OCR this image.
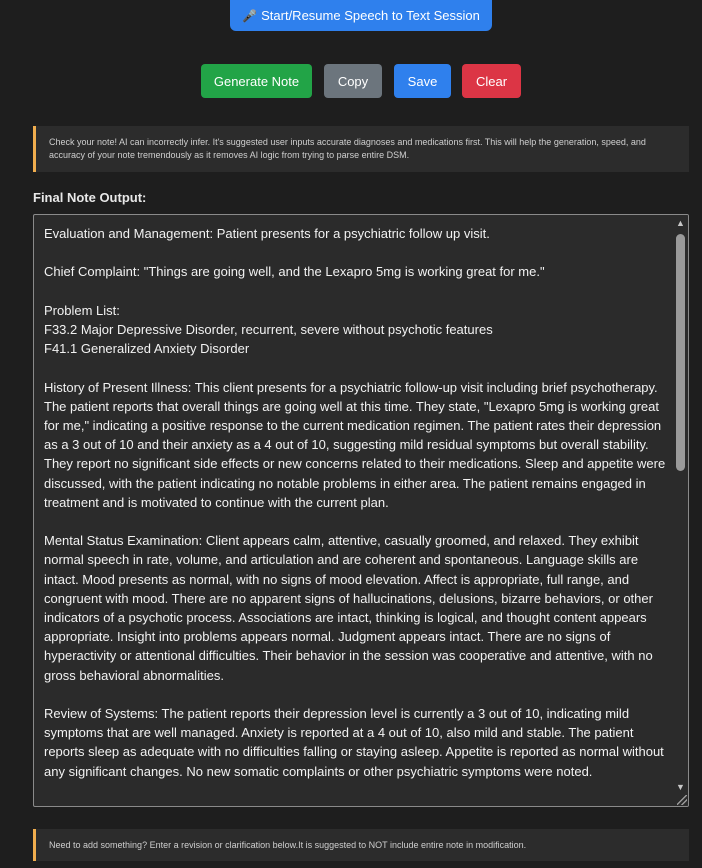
🎤 Start/Resume Speech to Text Session
Generate Note	Copy	Save	Clear
Check your note! AI can incorrectly infer. It's suggested user inputs accurate diagnoses and medications first. This will help the generation, speed, and accuracy of your note tremendously as it removes AI logic from trying to parse entire DSM.
Final Note Output:
Evaluation and Management: Patient presents for a psychiatric follow up visit.

Chief Complaint: "Things are going well, and the Lexapro 5mg is working great for me."

Problem List:
F33.2 Major Depressive Disorder, recurrent, severe without psychotic features
F41.1 Generalized Anxiety Disorder

History of Present Illness: This client presents for a psychiatric follow-up visit including brief psychotherapy. The patient reports that overall things are going well at this time. They state, "Lexapro 5mg is working great for me," indicating a positive response to the current medication regimen. The patient rates their depression as a 3 out of 10 and their anxiety as a 4 out of 10, suggesting mild residual symptoms but overall stability. They report no significant side effects or new concerns related to their medications. Sleep and appetite were discussed, with the patient indicating no notable problems in either area. The patient remains engaged in treatment and is motivated to continue with the current plan.

Mental Status Examination: Client appears calm, attentive, casually groomed, and relaxed. They exhibit normal speech in rate, volume, and articulation and are coherent and spontaneous. Language skills are intact. Mood presents as normal, with no signs of mood elevation. Affect is appropriate, full range, and congruent with mood. There are no apparent signs of hallucinations, delusions, bizarre behaviors, or other indicators of a psychotic process. Associations are intact, thinking is logical, and thought content appears appropriate. Insight into problems appears normal. Judgment appears intact. There are no signs of hyperactivity or attentional difficulties. Their behavior in the session was cooperative and attentive, with no gross behavioral abnormalities.

Review of Systems: The patient reports their depression level is currently a 3 out of 10, indicating mild symptoms that are well managed. Anxiety is reported at a 4 out of 10, also mild and stable. The patient reports sleep as adequate with no difficulties falling or staying asleep. Appetite is reported as normal without any significant changes. No new somatic complaints or other psychiatric symptoms were noted.
▲
▼
Need to add something? Enter a revision or clarification below.It is suggested to NOT include entire note in modification.
